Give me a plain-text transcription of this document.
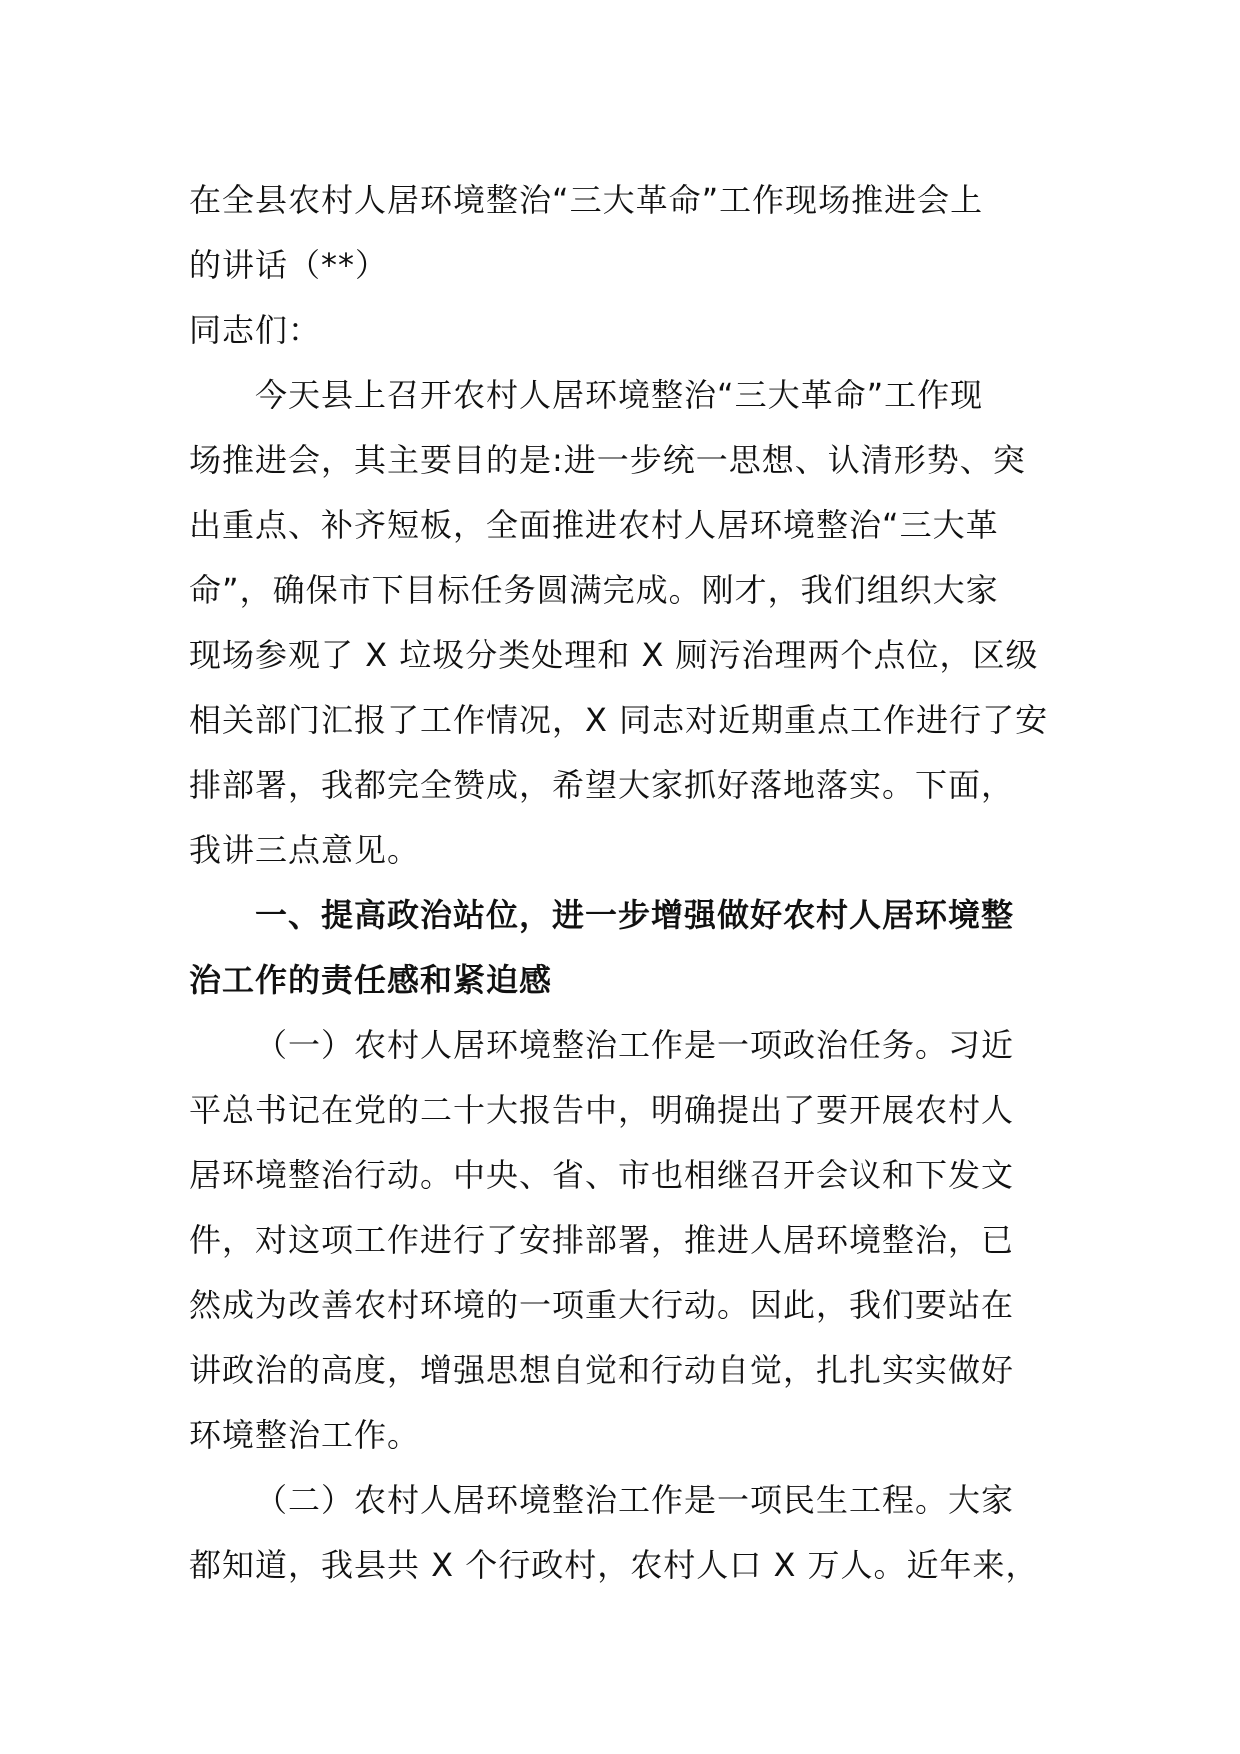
在全县农村人居环境整治“三大革命”工作现场推进会上
的讲话（**）
同志们：
今天县上召开农村人居环境整治“三大革命”工作现
场推进会，其主要目的是:进一步统一思想、认清形势、突
出重点、补齐短板，全面推进农村人居环境整治“三大革
命”，确保市下目标任务圆满完成。刚才，我们组织大家
现场参观了 X 垃圾分类处理和 X 厕污治理两个点位，区级
相关部门汇报了工作情况，X 同志对近期重点工作进行了安
排部署，我都完全赞成，希望大家抓好落地落实。下面，
我讲三点意见。
一、提高政治站位，进一步增强做好农村人居环境整
治工作的责任感和紧迫感
（一）农村人居环境整治工作是一项政治任务。习近
平总书记在党的二十大报告中，明确提出了要开展农村人
居环境整治行动。中央、省、市也相继召开会议和下发文
件，对这项工作进行了安排部署，推进人居环境整治，已
然成为改善农村环境的一项重大行动。因此，我们要站在
讲政治的高度，增强思想自觉和行动自觉，扎扎实实做好
环境整治工作。
（二）农村人居环境整治工作是一项民生工程。大家
都知道，我县共 X 个行政村，农村人口 X 万人。近年来，
